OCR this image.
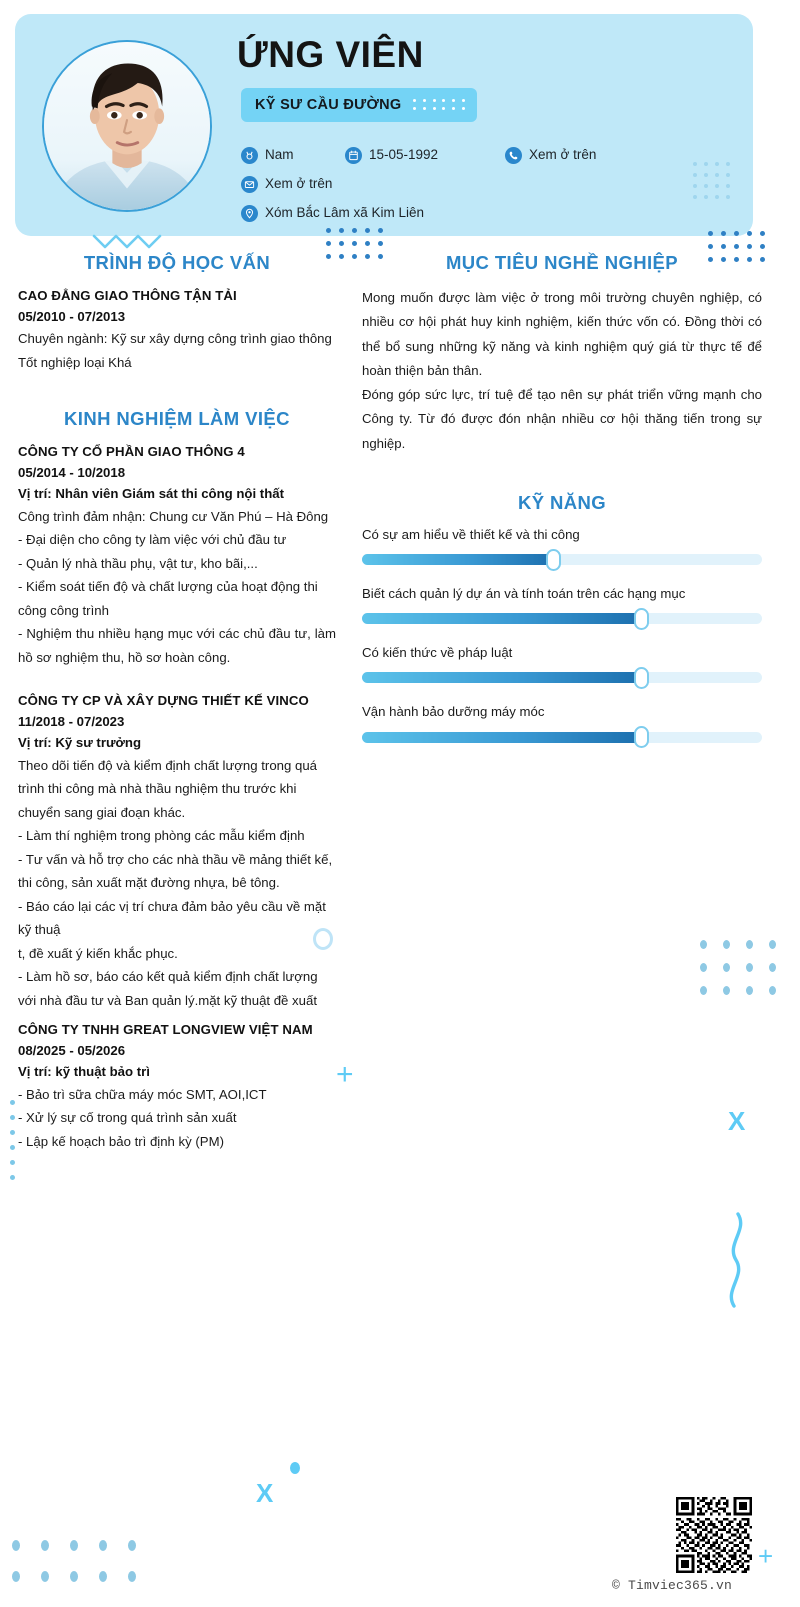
ỨNG VIÊN
KỸ SƯ CẦU ĐƯỜNG
Nam	15-05-1992	Xem ở trên
Xem ở trên
Xóm Bắc Lâm xã Kim Liên
+
X
X
+
TRÌNH ĐỘ HỌC VẤN
CAO ĐẲNG GIAO THÔNG TẬN TẢI
05/2010 - 07/2013
Chuyên ngành: Kỹ sư xây dựng công trình giao thông
Tốt nghiệp loại Khá
KINH NGHIỆM LÀM VIỆC
CÔNG TY CỔ PHẦN GIAO THÔNG 4
05/2014 - 10/2018
Vị trí: Nhân viên Giám sát thi công nội thất
Công trình đảm nhận: Chung cư Văn Phú – Hà Đông
- Đại diện cho công ty làm việc với chủ đầu tư
- Quản lý nhà thầu phụ, vật tư, kho bãi,...
- Kiểm soát tiến độ và chất lượng của hoạt động thi công công trình
- Nghiệm thu nhiều hạng mục với các chủ đầu tư, làm hồ sơ nghiệm thu, hồ sơ hoàn công.
CÔNG TY CP VÀ XÂY DỰNG THIẾT KẾ VINCO
11/2018 - 07/2023
Vị trí: Kỹ sư trưởng
Theo dõi tiến độ và kiểm định chất lượng trong quá trình thi công mà nhà thầu nghiệm thu trước khi chuyển sang giai đoạn khác.
- Làm thí nghiệm trong phòng các mẫu kiểm định
- Tư vấn và hỗ trợ cho các nhà thầu về mảng thiết kế, thi công, sản xuất mặt đường nhựa, bê tông.
- Báo cáo lại các vị trí chưa đảm bảo yêu cầu về mặt kỹ thuậ
t, đề xuất ý kiến khắc phục.
- Làm hồ sơ, báo cáo kết quả kiểm định chất lượng với nhà đầu tư và Ban quản lý.mặt kỹ thuật đề xuất
CÔNG TY TNHH GREAT LONGVIEW VIỆT NAM
08/2025 - 05/2026
Vị trí: kỹ thuật bảo trì
- Bảo trì sữa chữa máy móc SMT, AOI,ICT
- Xử lý sự cố trong quá trình sản xuất
- Lập kế hoạch bảo trì định kỳ (PM)
MỤC TIÊU NGHỀ NGHIỆP
Mong muốn được làm việc ở trong môi trường chuyên nghiệp, có nhiều cơ hội phát huy kinh nghiệm, kiến thức vốn có. Đồng thời có thể bổ sung những kỹ năng và kinh nghiệm quý giá từ thực tế để hoàn thiện bản thân.
Đóng góp sức lực, trí tuệ để tạo nên sự phát triển vững mạnh cho Công ty. Từ đó được đón nhận nhiều cơ hội thăng tiến trong sự nghiệp.
KỸ NĂNG
Có sự am hiểu về thiết kế và thi công
Biết cách quản lý dự án và tính toán trên các hạng mục
Có kiến thức về pháp luật
Vận hành bảo dưỡng máy móc
© Timviec365.vn
